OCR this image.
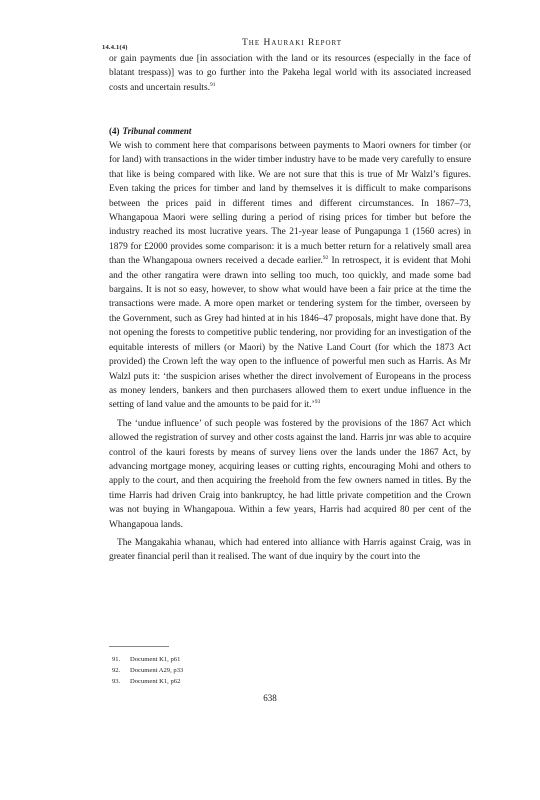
14.4.1(4)	The Hauraki Report
or gain payments due [in association with the land or its resources (especially in the face of blatant trespass)] was to go further into the Pakeha legal world with its associated increased costs and uncertain results.$^{91}$
(4) Tribunal comment

We wish to comment here that comparisons between payments to Maori owners for timber (or for land) with transactions in the wider timber industry have to be made very carefully to ensure that like is being compared with like. We are not sure that this is true of Mr Walzl’s figures. Even taking the prices for timber and land by themselves it is difficult to make comparisons between the prices paid in different times and different circumstances. In 1867–73, Whangapoua Maori were selling during a period of rising prices for timber but before the industry reached its most lucrative years. The 21-year lease of Pungapunga 1 (1560 acres) in 1879 for £2000 provides some comparison: it is a much better return for a relatively small area than the Whangapoua owners received a decade earlier.$^{92}$ In retrospect, it is evident that Mohi and the other rangatira were drawn into selling too much, too quickly, and made some bad bargains. It is not so easy, however, to show what would have been a fair price at the time the transactions were made. A more open market or tendering system for the timber, overseen by the Government, such as Grey had hinted at in his 1846–47 proposals, might have done that. By not opening the forests to competitive public tendering, nor providing for an investigation of the equitable interests of millers (or Maori) by the Native Land Court (for which the 1873 Act provided) the Crown left the way open to the influence of powerful men such as Harris. As Mr Walzl puts it: ‘the suspicion arises whether the direct involvement of Europeans in the process as money lenders, bankers and then purchasers allowed them to exert undue influence in the setting of land value and the amounts to be paid for it.’$^{93}$

The ‘undue influence’ of such people was fostered by the provisions of the 1867 Act which allowed the registration of survey and other costs against the land. Harris jnr was able to acquire control of the kauri forests by means of survey liens over the lands under the 1867 Act, by advancing mortgage money, acquiring leases or cutting rights, encouraging Mohi and others to apply to the court, and then acquiring the freehold from the few owners named in titles. By the time Harris had driven Craig into bankruptcy, he had little private competition and the Crown was not buying in Whangapoua. Within a few years, Harris had acquired 80 per cent of the Whangapoua lands.

The Mangakahia whanau, which had entered into alliance with Harris against Craig, was in greater financial peril than it realised. The want of due inquiry by the court into the

91. Document K1, p61
92. Document A29, p33
93. Document K1, p62
638
